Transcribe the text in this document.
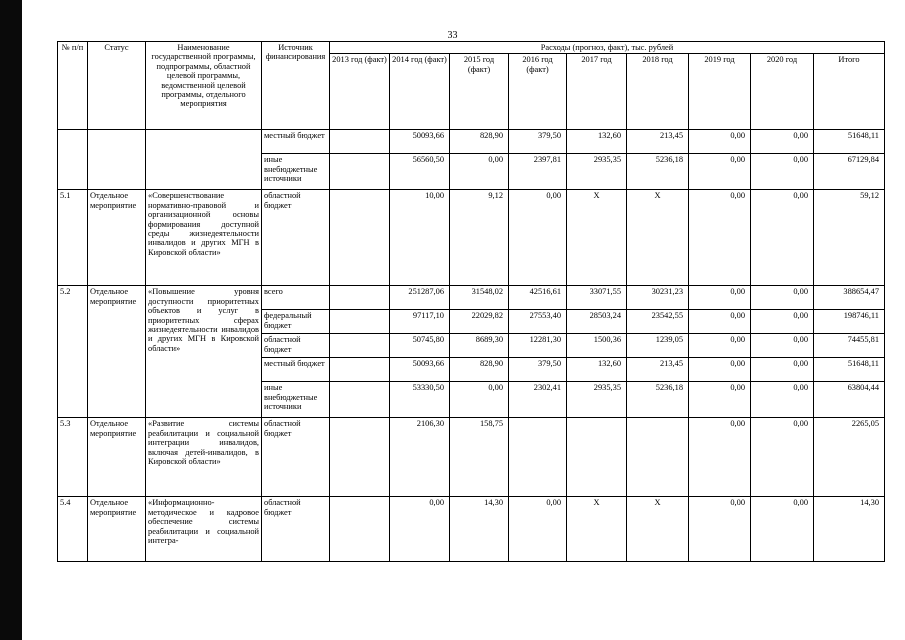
33
№ п/п	Статус	Наименование государственной программы, подпрограммы, областной целевой программы, ведомственной целевой программы, отдельного мероприятия	Источник финансирования	Расходы (прогноз, факт), тыс. рублей								
				2013 год (факт)	2014 год (факт)	2015 год (факт)	2016 год (факт)	2017 год	2018 год	2019 год	2020 год	Итого
			местный бюджет		50093,66	828,90	379,50	132,60	213,45	0,00	0,00	51648,11
			иные внебюджетные источники		56560,50	0,00	2397,81	2935,35	5236,18	0,00	0,00	67129,84
5.1	Отдельное мероприятие	«Совершенствование нормативно-правовой и организационной основы формирования доступной среды жизнедеятельности инвалидов и других МГН в Кировской области»	областной бюджет		10,00	9,12	0,00	Х	Х	0,00	0,00	59,12
5.2	Отдельное мероприятие	«Повышение уровня доступности приоритетных объектов и услуг в приоритетных сферах жизнедеятельности инвалидов и других МГН в Кировской области»	всего		251287,06	31548,02	42516,61	33071,55	30231,23	0,00	0,00	388654,47
			федеральный бюджет		97117,10	22029,82	27553,40	28503,24	23542,55	0,00	0,00	198746,11
			областной бюджет		50745,80	8689,30	12281,30	1500,36	1239,05	0,00	0,00	74455,81
			местный бюджет		50093,66	828,90	379,50	132,60	213,45	0,00	0,00	51648,11
			иные внебюджетные источники		53330,50	0,00	2302,41	2935,35	5236,18	0,00	0,00	63804,44
5.3	Отдельное мероприятие	«Развитие системы реабилитации и социальной интеграции инвалидов, включая детей-инвалидов, в Кировской области»	областной бюджет		2106,30	158,75				0,00	0,00	2265,05
5.4	Отдельное мероприятие	«Информационно-методическое и кадровое обеспечение системы реабилитации и социальной интегра-	областной бюджет		0,00	14,30	0,00	Х	Х	0,00	0,00	14,30
